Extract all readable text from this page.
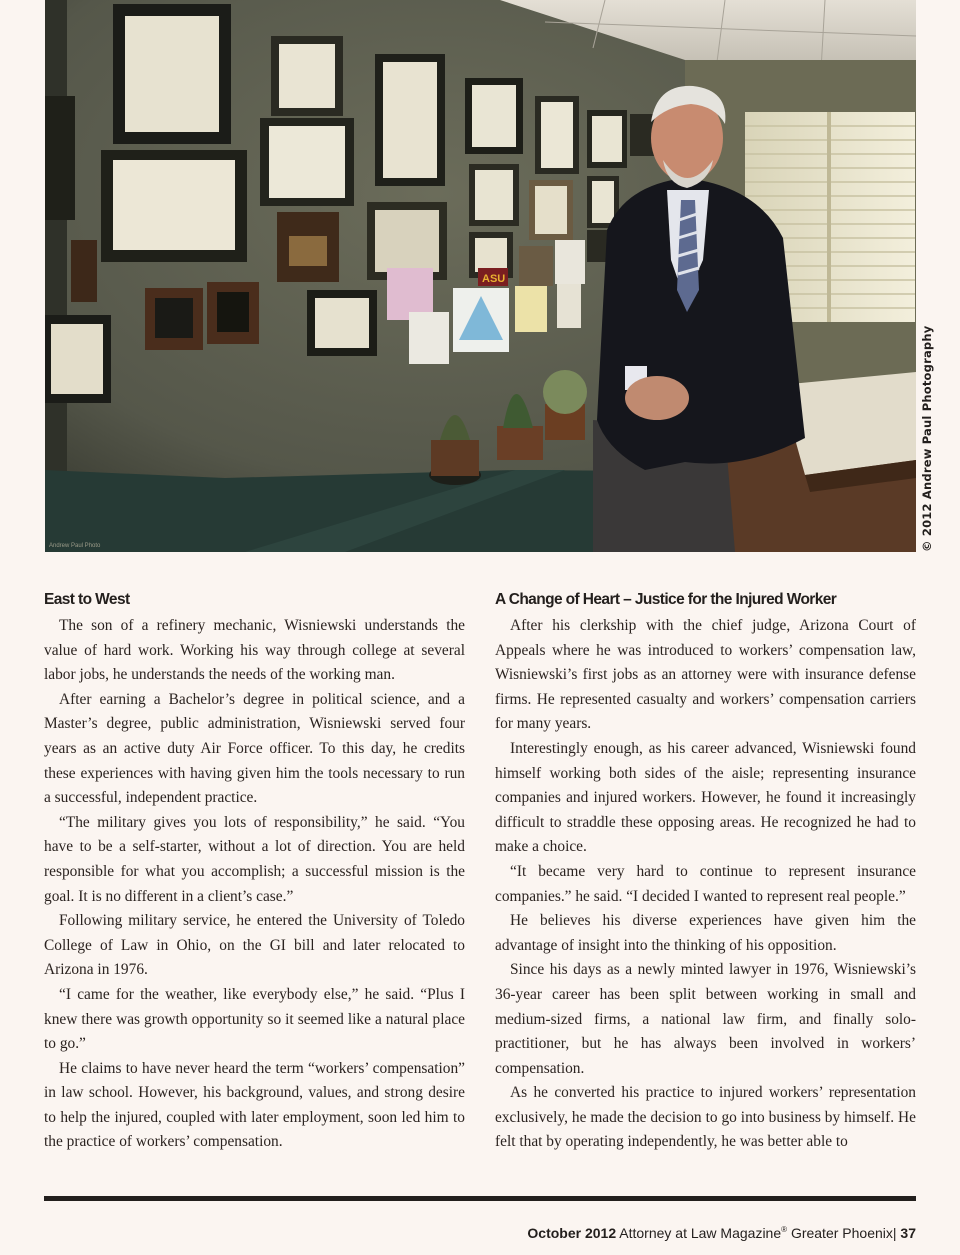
ASU
Andrew Paul Photo	© 2012 Andrew Paul Photography
East to West

The son of a refinery mechanic, Wisniewski understands the value of hard work. Working his way through college at several labor jobs, he understands the needs of the working man.

After earning a Bachelor’s degree in political science, and a Master’s degree, public administration, Wisniewski served four years as an active duty Air Force officer. To this day, he credits these experiences with having given him the tools necessary to run a successful, independent practice.

“The military gives you lots of responsibility,” he said. “You have to be a self-starter, without a lot of direction. You are held responsible for what you accomplish; a successful mission is the goal. It is no different in a client’s case.”

Following military service, he entered the University of Toledo College of Law in Ohio, on the GI bill and later relocated to Arizona in 1976.

“I came for the weather, like everybody else,” he said. “Plus I knew there was growth opportunity so it seemed like a natural place to go.”

He claims to have never heard the term “workers’ compensation” in law school. However, his background, values, and strong desire to help the injured, coupled with later employment, soon led him to the practice of workers’ compensation.

A Change of Heart – Justice for the Injured Worker

After his clerkship with the chief judge, Arizona Court of Appeals where he was introduced to workers’ compensation law, Wisniewski’s first jobs as an attorney were with insurance defense firms. He represented casualty and workers’ compensation carriers for many years.

Interestingly enough, as his career advanced, Wisniewski found himself working both sides of the aisle; representing insurance companies and injured workers. However, he found it increasingly difficult to straddle these opposing areas. He recognized he had to make a choice.

“It became very hard to continue to represent insurance companies.” he said. “I decided I wanted to represent real people.”

He believes his diverse experiences have given him the advantage of insight into the thinking of his opposition.

Since his days as a newly minted lawyer in 1976, Wisniewski’s 36-year career has been split between working in small and medium-sized firms, a national law firm, and finally solo-practitioner, but he has always been involved in workers’ compensation.

As he converted his practice to injured workers’ representation exclusively, he made the decision to go into business by himself. He felt that by operating independently, he was better able to

October 2012 Attorney at Law Magazine® Greater Phoenix| 37
